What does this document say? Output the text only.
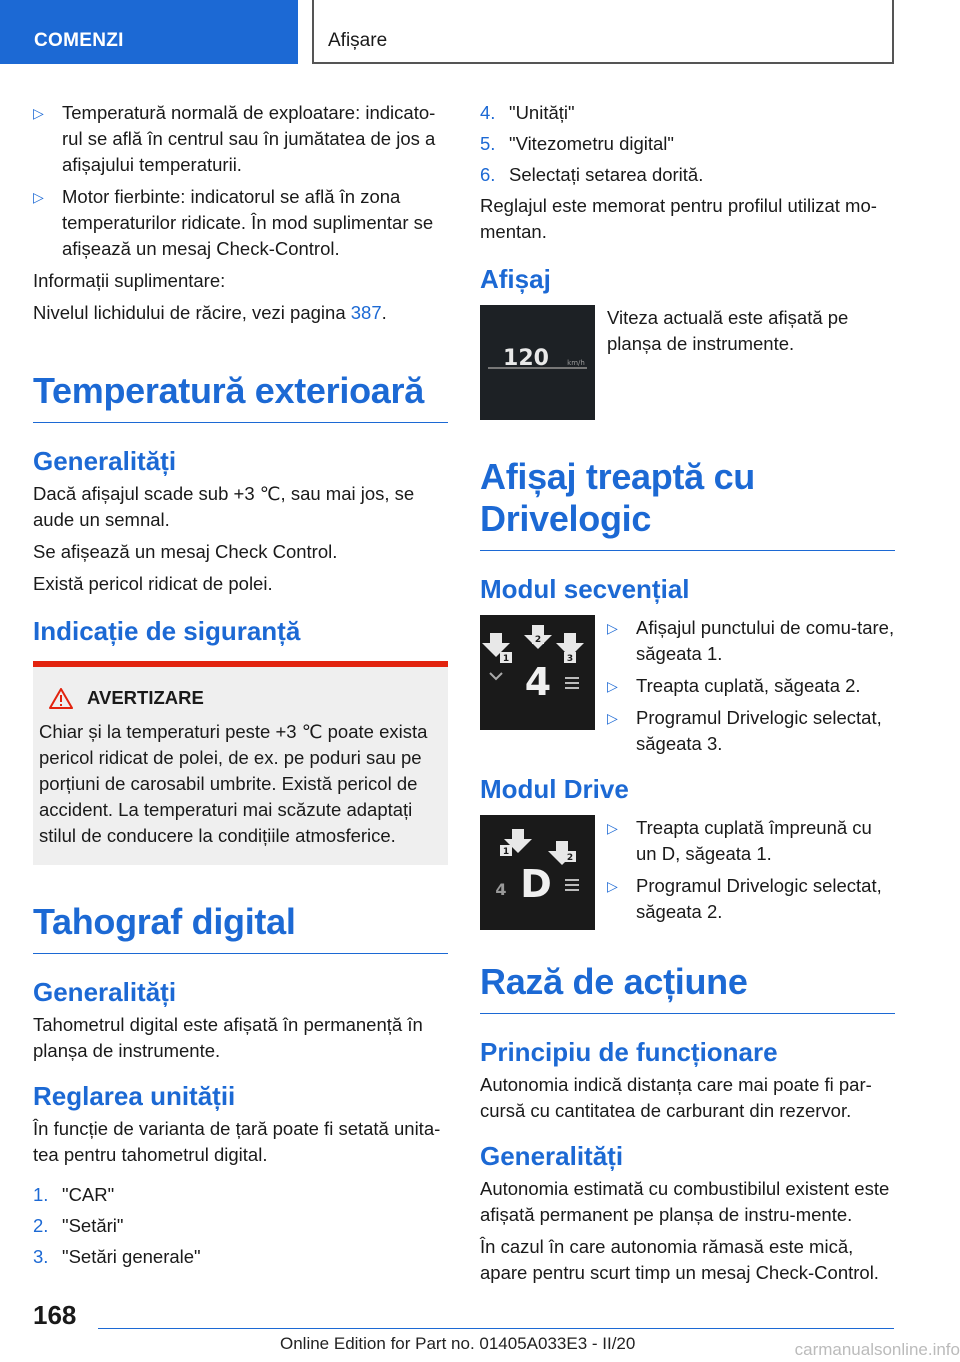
COMENZI	Afișare
▷ Temperatură normală de exploatare: indicato-rul se află în centrul sau în jumătatea de jos a afișajului temperaturii.
▷ Motor fierbinte: indicatorul se află în zona temperaturilor ridicate. În mod suplimentar se afișează un mesaj Check-Control.

Informații suplimentare:

Nivelul lichidului de răcire, vezi pagina 387.

Temperatură exterioară
Generalități

Dacă afișajul scade sub +3 ℃, sau mai jos, se aude un semnal.

Se afișează un mesaj Check Control.

Există pericol ridicat de polei.

Indicație de siguranță
AVERTIZARE
Chiar și la temperaturi peste +3 ℃ poate exista pericol ridicat de polei, de ex. pe poduri sau pe porțiuni de carosabil umbrite. Există pericol de accident. La temperaturi mai scăzute adaptați stilul de conducere la condițiile atmosferice.
Tahograf digital
Generalități

Tahometrul digital este afișată în permanență în planșa de instrumente.

Reglarea unității

În funcție de varianta de țară poate fi setată unita-tea pentru tahometrul digital.

1. "CAR"
2. "Setări"
3. "Setări generale"
4. "Unități"
5. "Vitezometru digital"
6. Selectați setarea dorită.

Reglajul este memorat pentru profilul utilizat mo-mentan.

Afișaj
120	km/h
Viteza actuală este afișată pe planșa de instrumente.
Afișaj treaptă cu Drivelogic
Modul secvențial
1
2
3
4
▷ Afișajul punctului de comu-tare, săgeata 1.
▷ Treapta cuplată, săgeata 2.
▷ Programul Drivelogic selectat, săgeata 3.
Modul Drive
1
2
4 D
▷ Treapta cuplată împreună cu un D, săgeata 1.
▷ Programul Drivelogic selectat, săgeata 2.
Rază de acțiune
Principiu de funcționare

Autonomia indică distanța care mai poate fi par-cursă cu cantitatea de carburant din rezervor.

Generalități

Autonomia estimată cu combustibilul existent este afișată permanent pe planșa de instru-mente.

În cazul în care autonomia rămasă este mică, apare pentru scurt timp un mesaj Check-Control.

168
Online Edition for Part no. 01405A033E3 - II/20	carmanualsonline.info
